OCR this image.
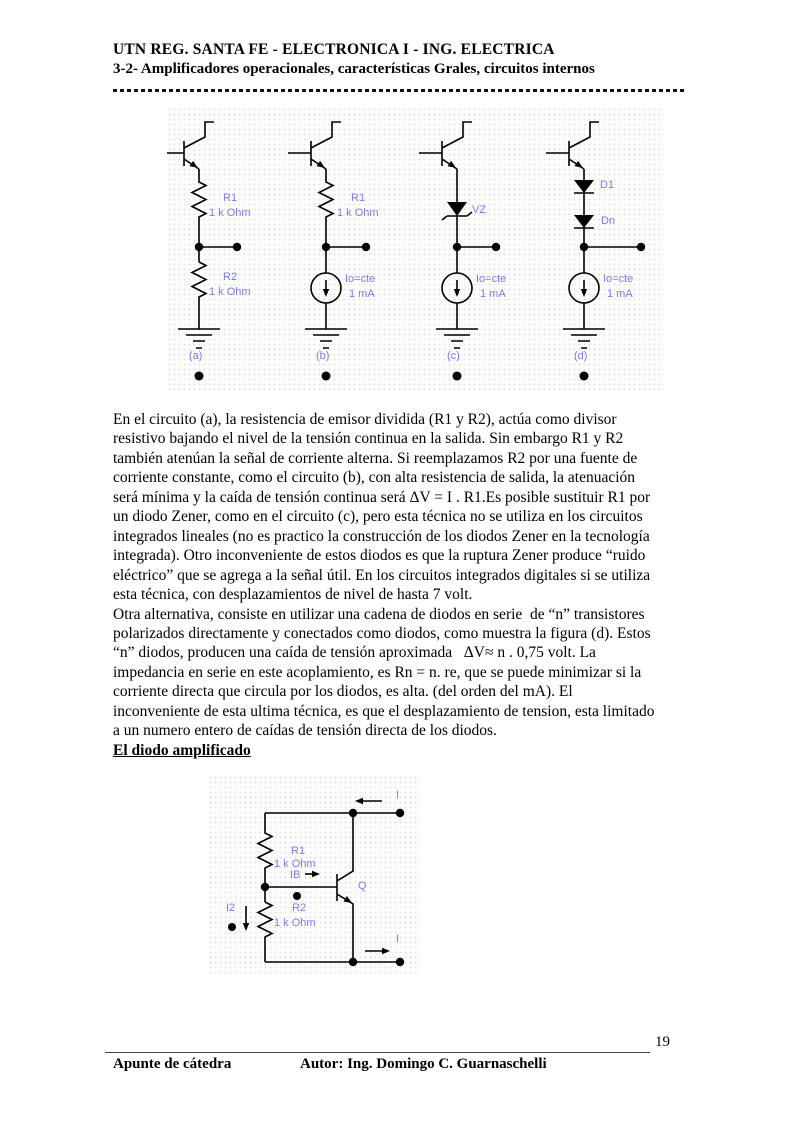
UTN REG. SANTA FE - ELECTRONICA I - ING. ELECTRICA
3-2- Amplificadores operacionales, características Grales, circuitos internos
R1
1 k Ohm
R2
1 k Ohm
(a)
R1
1 k Ohm
Io=cte
1 mA
(b)
VZ
Io=cte
1 mA
(c)
D1
Dn
Io=cte
1 mA
(d)
En el circuito (a), la resistencia de emisor dividida (R1 y R2), actúa como divisor
resistivo bajando el nivel de la tensión continua en la salida. Sin embargo R1 y R2
también atenúan la señal de corriente alterna. Si reemplazamos R2 por una fuente de
corriente constante, como el circuito (b), con alta resistencia de salida, la atenuación
será mínima y la caída de tensión continua será ΔV = I . R1.Es posible sustituir R1 por
un diodo Zener, como en el circuito (c), pero esta técnica no se utiliza en los circuitos
integrados lineales (no es practico la construcción de los diodos Zener en la tecnología
integrada). Otro inconveniente de estos diodos es que la ruptura Zener produce “ruido
eléctrico” que se agrega a la señal útil. En los circuitos integrados digitales si se utiliza
esta técnica, con desplazamientos de nivel de hasta 7 volt.
Otra alternativa, consiste en utilizar una cadena de diodos en serie  de “n” transistores
polarizados directamente y conectados como diodos, como muestra la figura (d). Estos
“n” diodos, producen una caída de tensión aproximada   ΔV≈ n . 0,75 volt. La
impedancia en serie en este acoplamiento, es Rn = n. re, que se puede minimizar si la
corriente directa que circula por los diodos, es alta. (del orden del mA). El
inconveniente de esta ultima técnica, es que el desplazamiento de tension, esta limitado
a un numero entero de caídas de tensión directa de los diodos.
El diodo amplificado
R1
1 k Ohm
IB
R2
1 k Ohm
I2
Q
I
I
19
Apunte de cátedra	Autor: Ing. Domingo C. Guarnaschelli
